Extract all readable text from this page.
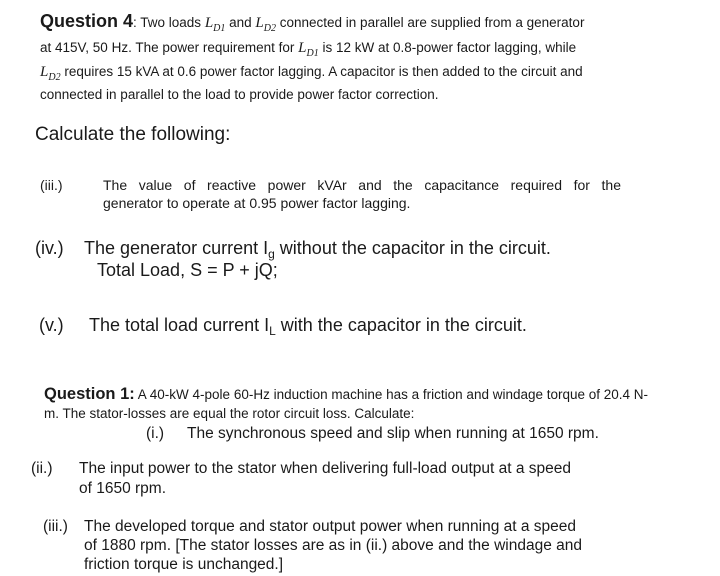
Question 4: Two loads $L_{D1}$ and $L_{D2}$ connected in parallel are supplied from a generator
at 415V, 50 Hz. The power requirement for $L_{D1}$ is 12 kW at 0.8-power factor lagging, while
$L_{D2}$ requires 15 kVA at 0.6 power factor lagging. A capacitor is then added to the circuit and
connected in parallel to the load to provide power factor correction.
Calculate the following:
(iii.)	The value of reactive power kVAr and the capacitance required for the
generator to operate at 0.95 power factor lagging.
(iv.) The generator current $I_g$ without the capacitor in the circuit.
Total Load, S = P + jQ;
(v.) The total load current $I_L$ with the capacitor in the circuit.
Question 1: A 40-kW 4-pole 60-Hz induction machine has a friction and windage torque of 20.4 N-
m. The stator-losses are equal the rotor circuit loss. Calculate:
(i.) The synchronous speed and slip when running at 1650 rpm.
(ii.) The input power to the stator when delivering full-load output at a speed
of 1650 rpm.
(iii.) The developed torque and stator output power when running at a speed
of 1880 rpm. [The stator losses are as in (ii.) above and the windage and
friction torque is unchanged.]
